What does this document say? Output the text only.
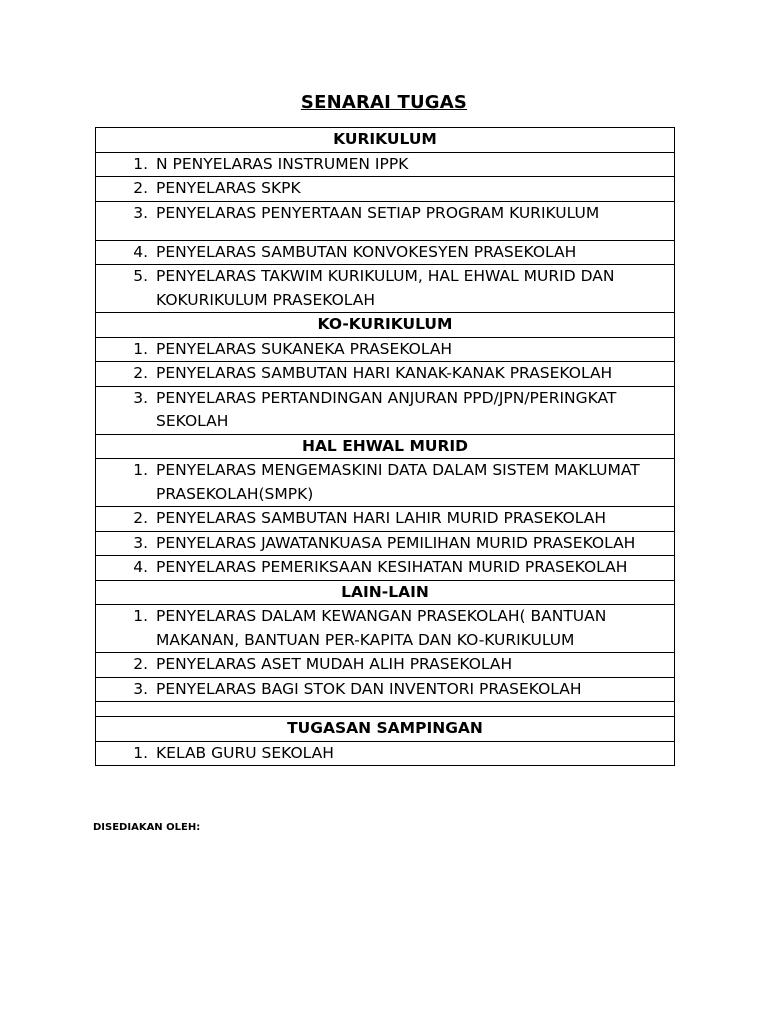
SENARAI TUGAS
KURIKULUM

1. N PENYELARAS INSTRUMEN IPPK

2. PENYELARAS SKPK

3. PENYELARAS PENYERTAAN SETIAP PROGRAM KURIKULUM

4. PENYELARAS SAMBUTAN KONVOKESYEN PRASEKOLAH

5. PENYELARAS TAKWIM KURIKULUM, HAL EHWAL MURID DAN KOKURIKULUM PRASEKOLAH

KO-KURIKULUM

1. PENYELARAS SUKANEKA PRASEKOLAH

2. PENYELARAS SAMBUTAN HARI KANAK-KANAK PRASEKOLAH

3. PENYELARAS PERTANDINGAN ANJURAN PPD/JPN/PERINGKAT SEKOLAH

HAL EHWAL MURID

1. PENYELARAS MENGEMASKINI DATA DALAM SISTEM MAKLUMAT PRASEKOLAH(SMPK)

2. PENYELARAS SAMBUTAN HARI LAHIR MURID PRASEKOLAH

3. PENYELARAS JAWATANKUASA PEMILIHAN MURID PRASEKOLAH

4. PENYELARAS PEMERIKSAAN KESIHATAN MURID PRASEKOLAH

LAIN-LAIN

1. PENYELARAS DALAM KEWANGAN PRASEKOLAH( BANTUAN MAKANAN, BANTUAN PER-KAPITA DAN KO-KURIKULUM

2. PENYELARAS ASET MUDAH ALIH PRASEKOLAH

3. PENYELARAS BAGI STOK DAN INVENTORI PRASEKOLAH

TUGASAN SAMPINGAN

1. KELAB GURU SEKOLAH
DISEDIAKAN OLEH:
